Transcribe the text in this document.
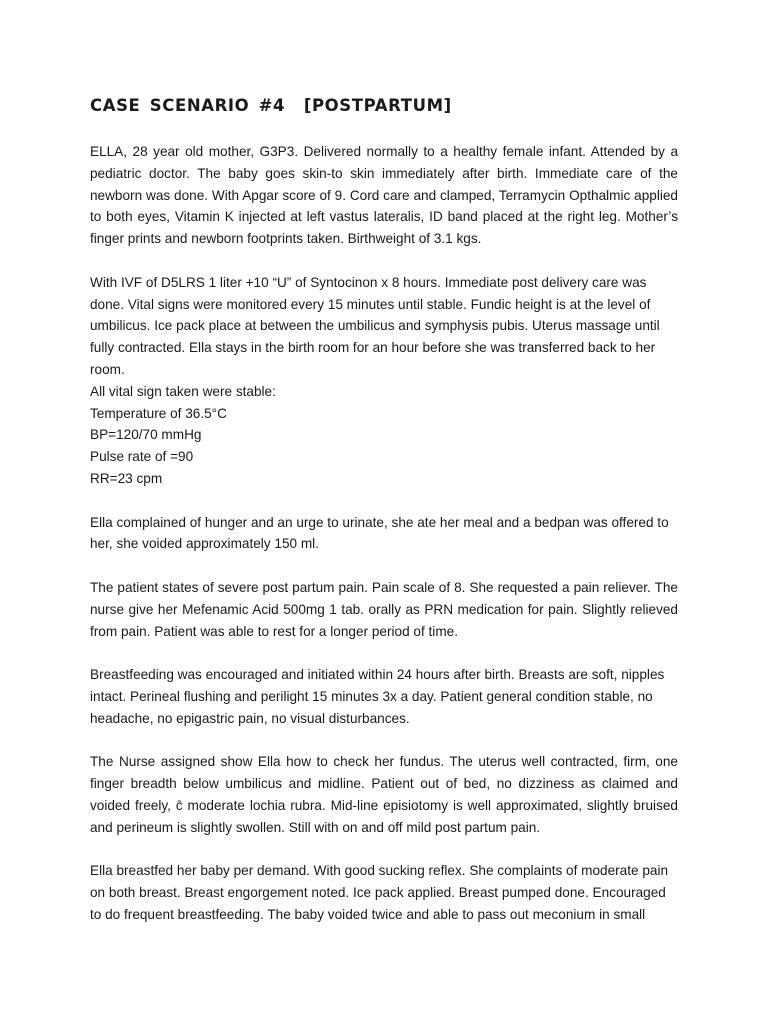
CASE SCENARIO #4  [POSTPARTUM]

ELLA, 28 year old mother, G3P3. Delivered normally to a healthy female infant. Attended by a pediatric doctor. The baby goes skin-to skin immediately after birth. Immediate care of the newborn was done. With Apgar score of 9. Cord care and clamped, Terramycin Opthalmic applied to both eyes, Vitamin K injected at left vastus lateralis, ID band placed at the right leg. Mother’s finger prints and newborn footprints taken. Birthweight of 3.1 kgs.

With IVF of D5LRS 1 liter +10 “U” of Syntocinon x 8 hours. Immediate post delivery care was done. Vital signs were monitored every 15 minutes until stable. Fundic height is at the level of umbilicus. Ice pack place at between the umbilicus and symphysis pubis. Uterus massage until fully contracted. Ella stays in the birth room for an hour before she was transferred back to her room.
All vital sign taken were stable:
Temperature of 36.5°C
BP=120/70 mmHg
Pulse rate of =90
RR=23 cpm

Ella complained of hunger and an urge to urinate, she ate her meal and a bedpan was offered to her, she voided approximately 150 ml.

The patient states of severe post partum pain. Pain scale of 8. She requested a pain reliever. The nurse give her Mefenamic Acid 500mg 1 tab. orally as PRN medication for pain. Slightly relieved from pain. Patient was able to rest for a longer period of time.

Breastfeeding was encouraged and initiated within 24 hours after birth. Breasts are soft, nipples intact. Perineal flushing and perilight 15 minutes 3x a day. Patient general condition stable, no headache, no epigastric pain, no visual disturbances.

The Nurse assigned show Ella how to check her fundus. The uterus well contracted, firm, one finger breadth below umbilicus and midline. Patient out of bed, no dizziness as claimed and voided freely, c̄ moderate lochia rubra. Mid-line episiotomy is well approximated, slightly bruised and perineum is slightly swollen. Still with on and off mild post partum pain.

Ella breastfed her baby per demand. With good sucking reflex. She complaints of moderate pain on both breast. Breast engorgement noted. Ice pack applied. Breast pumped done. Encouraged to do frequent breastfeeding. The baby voided twice and able to pass out meconium in small
